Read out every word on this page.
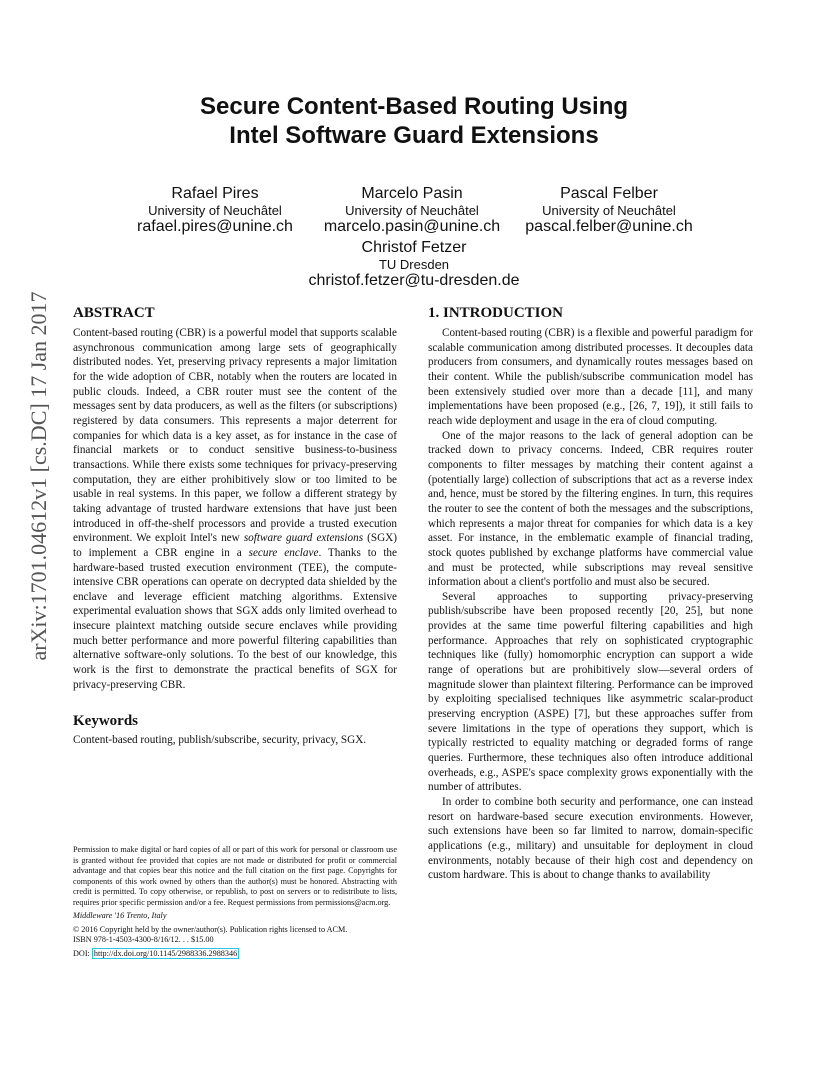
Secure Content-Based Routing Using
Intel Software Guard Extensions
Rafael Pires
University of Neuchâtel
rafael.pires@unine.ch
Marcelo Pasin
University of Neuchâtel
marcelo.pasin@unine.ch
Pascal Felber
University of Neuchâtel
pascal.felber@unine.ch
Christof Fetzer
TU Dresden
christof.fetzer@tu-dresden.de
arXiv:1701.04612v1 [cs.DC] 17 Jan 2017	ABSTRACT

Content-based routing (CBR) is a powerful model that supports scalable asynchronous communication among large sets of geographically distributed nodes. Yet, preserving privacy represents a major limitation for the wide adoption of CBR, notably when the routers are located in public clouds. Indeed, a CBR router must see the content of the messages sent by data producers, as well as the filters (or subscriptions) registered by data consumers. This represents a major deterrent for companies for which data is a key asset, as for instance in the case of financial markets or to conduct sensitive business-to-business transactions. While there exists some techniques for privacy-preserving computation, they are either prohibitively slow or too limited to be usable in real systems. In this paper, we follow a different strategy by taking advantage of trusted hardware extensions that have just been introduced in off-the-shelf processors and provide a trusted execution environment. We exploit Intel's new software guard extensions (SGX) to implement a CBR engine in a secure enclave. Thanks to the hardware-based trusted execution environment (TEE), the compute-intensive CBR operations can operate on decrypted data shielded by the enclave and leverage efficient matching algorithms. Extensive experimental evaluation shows that SGX adds only limited overhead to insecure plaintext matching outside secure enclaves while providing much better performance and more powerful filtering capabilities than alternative software-only solutions. To the best of our knowledge, this work is the first to demonstrate the practical benefits of SGX for privacy-preserving CBR.

Keywords

Content-based routing, publish/subscribe, security, privacy, SGX.

Permission to make digital or hard copies of all or part of this work for personal or classroom use is granted without fee provided that copies are not made or distributed for profit or commercial advantage and that copies bear this notice and the full citation on the first page. Copyrights for components of this work owned by others than the author(s) must be honored. Abstracting with credit is permitted. To copy otherwise, or republish, to post on servers or to redistribute to lists, requires prior specific permission and/or a fee. Request permissions from permissions@acm.org.

Middleware '16 Trento, Italy

© 2016 Copyright held by the owner/author(s). Publication rights licensed to ACM.

ISBN 978-1-4503-4300-8/16/12. . . $15.00

DOI: http://dx.doi.org/10.1145/2988336.2988346

1. INTRODUCTION

Content-based routing (CBR) is a flexible and powerful paradigm for scalable communication among distributed processes. It decouples data producers from consumers, and dynamically routes messages based on their content. While the publish/subscribe communication model has been extensively studied over more than a decade [11], and many implementations have been proposed (e.g., [26, 7, 19]), it still fails to reach wide deployment and usage in the era of cloud computing.

One of the major reasons to the lack of general adoption can be tracked down to privacy concerns. Indeed, CBR requires router components to filter messages by matching their content against a (potentially large) collection of subscriptions that act as a reverse index and, hence, must be stored by the filtering engines. In turn, this requires the router to see the content of both the messages and the subscriptions, which represents a major threat for companies for which data is a key asset. For instance, in the emblematic example of financial trading, stock quotes published by exchange platforms have commercial value and must be protected, while subscriptions may reveal sensitive information about a client's portfolio and must also be secured.

Several approaches to supporting privacy-preserving publish/subscribe have been proposed recently [20, 25], but none provides at the same time powerful filtering capabilities and high performance. Approaches that rely on sophisticated cryptographic techniques like (fully) homomorphic encryption can support a wide range of operations but are prohibitively slow—several orders of magnitude slower than plaintext filtering. Performance can be improved by exploiting specialised techniques like asymmetric scalar-product preserving encryption (ASPE) [7], but these approaches suffer from severe limitations in the type of operations they support, which is typically restricted to equality matching or degraded forms of range queries. Furthermore, these techniques also often introduce additional overheads, e.g., ASPE's space complexity grows exponentially with the number of attributes.

In order to combine both security and performance, one can instead resort on hardware-based secure execution environments. However, such extensions have been so far limited to narrow, domain-specific applications (e.g., military) and unsuitable for deployment in cloud environments, notably because of their high cost and dependency on custom hardware. This is about to change thanks to availability
